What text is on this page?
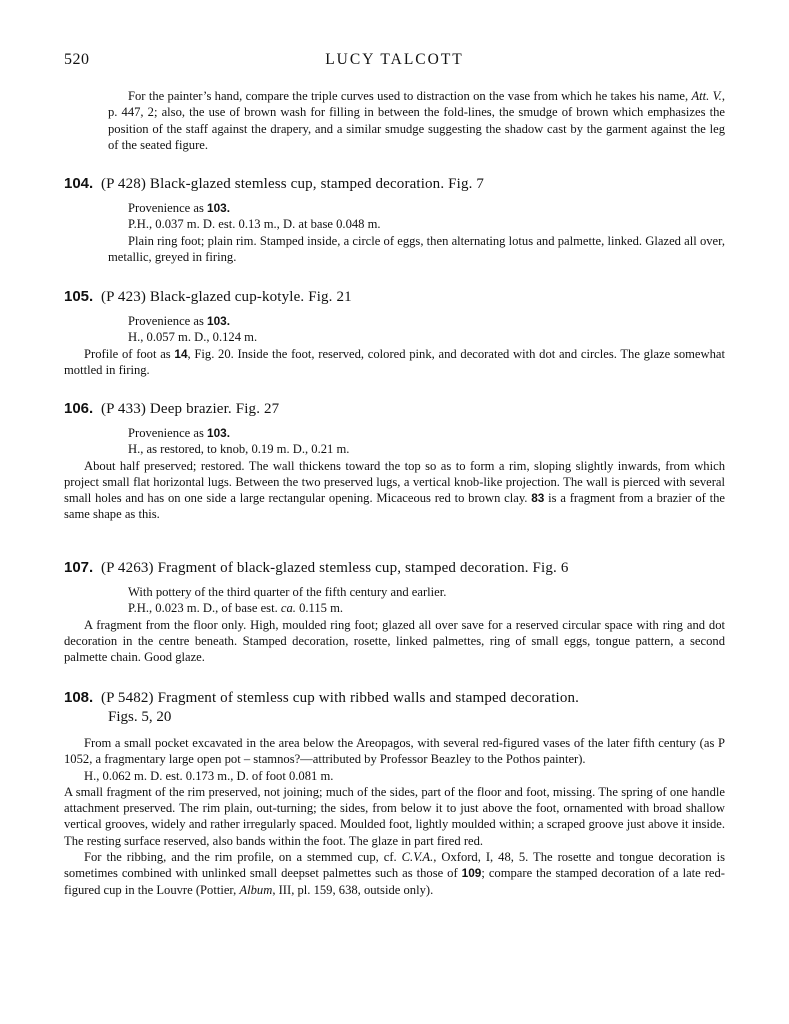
520	LUCY TALCOTT

For the painter’s hand, compare the triple curves used to distraction on the vase from which he takes his name, Att. V., p. 447, 2; also, the use of brown wash for filling in between the fold-lines, the smudge of brown which emphasizes the position of the staff against the drapery, and a similar smudge suggesting the shadow cast by the garment against the leg of the seated figure.

104. (P 428) Black-glazed stemless cup, stamped decoration. Fig. 7

Provenience as 103.

P.H., 0.037 m. D. est. 0.13 m., D. at base 0.048 m.

Plain ring foot; plain rim. Stamped inside, a circle of eggs, then alternating lotus and palmette, linked. Glazed all over, metallic, greyed in firing.

105. (P 423) Black-glazed cup-kotyle. Fig. 21

Provenience as 103.

H., 0.057 m. D., 0.124 m.

Profile of foot as 14, Fig. 20. Inside the foot, reserved, colored pink, and decorated with dot and circles. The glaze somewhat mottled in firing.

106. (P 433) Deep brazier. Fig. 27

Provenience as 103.

H., as restored, to knob, 0.19 m. D., 0.21 m.

About half preserved; restored. The wall thickens toward the top so as to form a rim, sloping slightly inwards, from which project small flat horizontal lugs. Between the two preserved lugs, a vertical knob-like projection. The wall is pierced with several small holes and has on one side a large rectangular opening. Micaceous red to brown clay. 83 is a fragment from a brazier of the same shape as this.

107. (P 4263) Fragment of black-glazed stemless cup, stamped decoration. Fig. 6

With pottery of the third quarter of the fifth century and earlier.

P.H., 0.023 m. D., of base est. ca. 0.115 m.

A fragment from the floor only. High, moulded ring foot; glazed all over save for a reserved circular space with ring and dot decoration in the centre beneath. Stamped decoration, rosette, linked palmettes, ring of small eggs, tongue pattern, a second palmette chain. Good glaze.

108. (P 5482) Fragment of stemless cup with ribbed walls and stamped decoration.
Figs. 5, 20

From a small pocket excavated in the area below the Areopagos, with several red-figured vases of the later fifth century (as P 1052, a fragmentary large open pot – stamnos?—attributed by Professor Beazley to the Pothos painter).

H., 0.062 m. D. est. 0.173 m., D. of foot 0.081 m.

A small fragment of the rim preserved, not joining; much of the sides, part of the floor and foot, missing. The spring of one handle attachment preserved. The rim plain, out-turning; the sides, from below it to just above the foot, ornamented with broad shallow vertical grooves, widely and rather irregularly spaced. Moulded foot, lightly moulded within; a scraped groove just above it inside. The resting surface reserved, also bands within the foot. The glaze in part fired red.

For the ribbing, and the rim profile, on a stemmed cup, cf. C.V.A., Oxford, I, 48, 5. The rosette and tongue decoration is sometimes combined with unlinked small deepset palmettes such as those of 109; compare the stamped decoration of a late red-figured cup in the Louvre (Pottier, Album, III, pl. 159, 638, outside only).
